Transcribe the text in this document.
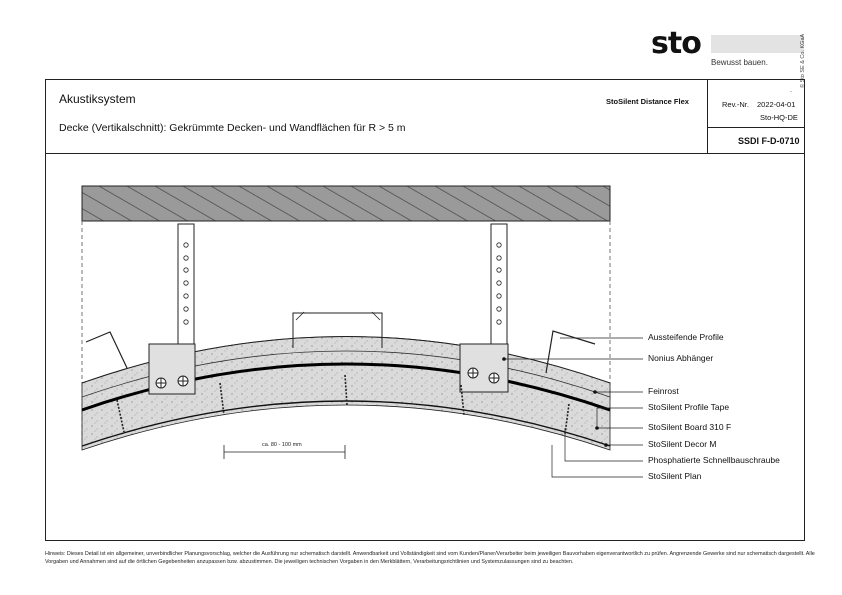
sto
Bewusst bauen.	© Sto SE & Co. KGaA
Akustiksystem
Decke (Vertikalschnitt): Gekrümmte Decken- und Wandflächen für R > 5 m
StoSilent Distance Flex
.
Rev.-Nr. 2022-04-01
Sto-HQ-DE
SSDI F-D-0710
ca. 80 - 100 mm
Aussteifende Profile
Nonius Abhänger
Feinrost
StoSilent Profile Tape
StoSilent Board 310 F
StoSilent Decor M
Phosphatierte Schnellbauschraube
StoSilent Plan
Hinweis: Dieses Detail ist ein allgemeiner, unverbindlicher Planungsvorschlag, welcher die Ausführung nur schematisch darstellt. Anwendbarkeit und Vollständigkeit sind vom Kunden/Planer/Verarbeiter beim jeweiligen Bauvorhaben eigenverantwortlich zu prüfen. Angrenzende Gewerke sind nur schematisch dargestellt. Alle Vorgaben und Annahmen sind auf die örtlichen Gegebenheiten anzupassen bzw. abzustimmen. Die jeweiligen technischen Vorgaben in den Merkblättern, Verarbeitungsrichtlinien und Systemzulassungen sind zu beachten.
